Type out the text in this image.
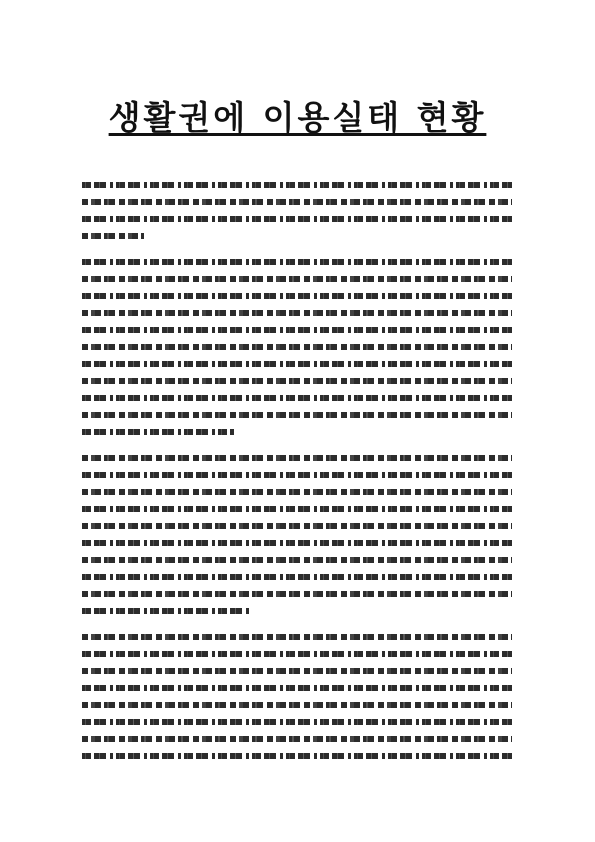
생활권에 이용실태 현황
